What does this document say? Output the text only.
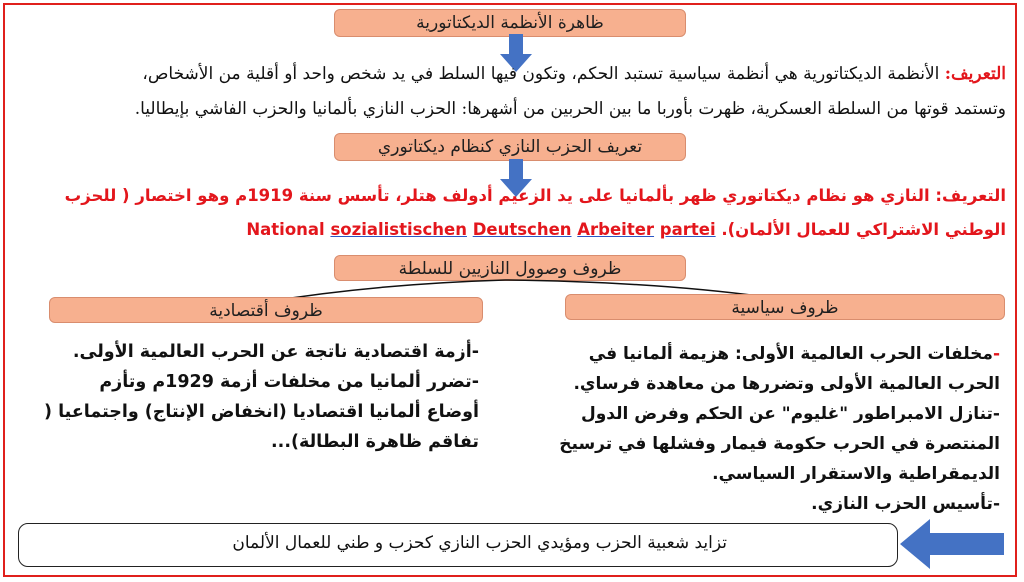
ظاهرة الأنظمة الديكتاتورية
التعريف: الأنظمة الديكتاتورية هي أنظمة سياسية تستبد الحكم، وتكون فيها السلط في يد شخص واحد أو أقلية من الأشخاص،
وتستمد قوتها من السلطة العسكرية، ظهرت بأوربا ما بين الحربين من أشهرها: الحزب النازي بألمانيا والحزب الفاشي بإيطاليا.
تعريف الحزب النازي كنظام ديكتاتوري
التعريف: النازي هو نظام ديكتاتوري ظهر بألمانيا على يد الزعيم أدولف هتلر، تأسس سنة 1919م وهو اختصار ( للحزب
الوطني الاشتراكي للعمال الألمان). National sozialistischen Deutschen Arbeiter partei
ظروف وصوول النازيين للسلطة
ظروف أقتصادية	ظروف سياسية
-أزمة اقتصادية ناتجة عن الحرب العالمية الأولى.
-تضرر ألمانيا من مخلفات أزمة 1929م وتأزم
أوضاع ألمانيا اقتصاديا (انخفاض الإنتاج) واجتماعيا (
تفاقم ظاهرة البطالة)...
-مخلفات الحرب العالمية الأولى: هزيمة ألمانيا في
الحرب العالمية الأولى وتضررها من معاهدة فرساي.
-تنازل الامبراطور "غليوم" عن الحكم وفرض الدول
المنتصرة في الحرب حكومة فيمار وفشلها في ترسيخ
الديمقراطية والاستقرار السياسي.
-تأسيس الحزب النازي.
تزايد شعبية الحزب ومؤيدي الحزب النازي كحزب و طني للعمال الألمان
